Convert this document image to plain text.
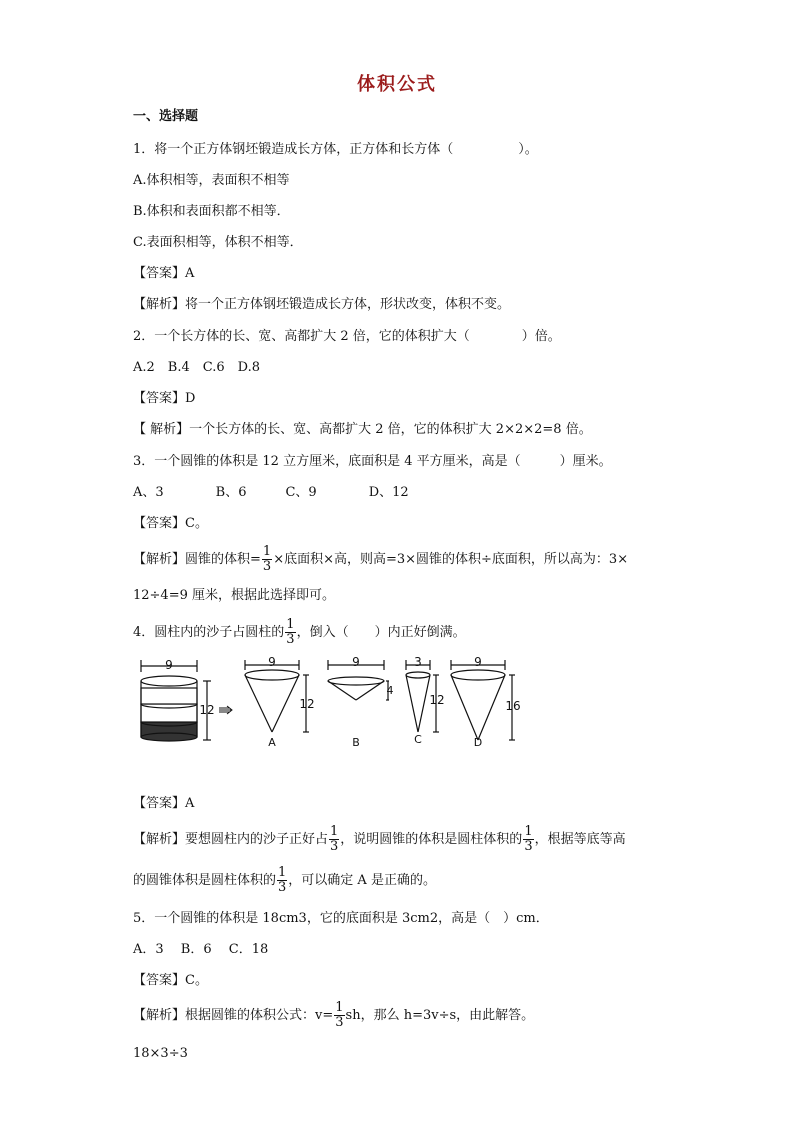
体积公式
一、选择题
1．将一个正方体钢坯锻造成长方体，正方体和长方体（　　　　　）。
A.体积相等，表面积不相等
B.体积和表面积都不相等．
C.表面积相等，体积不相等．
【答案】A
【解析】将一个正方体钢坯锻造成长方体，形状改变，体积不变。
2．一个长方体的长、宽、高都扩大 2 倍，它的体积扩大（　　　　）倍。
A.2　B.4　C.6　D.8
【答案】D
【 解析】一个长方体的长、宽、高都扩大 2 倍，它的体积扩大 2×2×2=8 倍。
3．一个圆锥的体积是 12 立方厘米，底面积是 4 平方厘米，高是（　　　）厘米。
A、3　　　　B、6　　　C、9　　　　D、12
【答案】C。
【解析】圆锥的体积= $\frac{1}{3}$ ×底面积×高，则高=3×圆锥的体积÷底面积，所以高为：3×
12÷4=9 厘米，根据此选择即可。
4．圆柱内的沙子占圆柱的 $\frac{1}{3}$ ，倒入（　　）内正好倒满。
9
12
9
12
A
9
4
B
3
12
C
9
16
D
【答案】A
【解析】要想圆柱内的沙子正好占 $\frac{1}{3}$ ，说明圆锥的体积是圆柱体积的 $\frac{1}{3}$ ，根据等底等高
的圆锥体积是圆柱体积的 $\frac{1}{3}$ ，可以确定 A 是正确的。
5．一个圆锥的体积是 18cm3，它的底面积是 3cm2，高是（　）cm．
A．3　 B．6　 C．18
【答案】C。
【解析】根据圆锥的体积公式：$v= \frac{1}{3}$ sh，那么 h=3v÷s，由此解答。
18×3÷3
